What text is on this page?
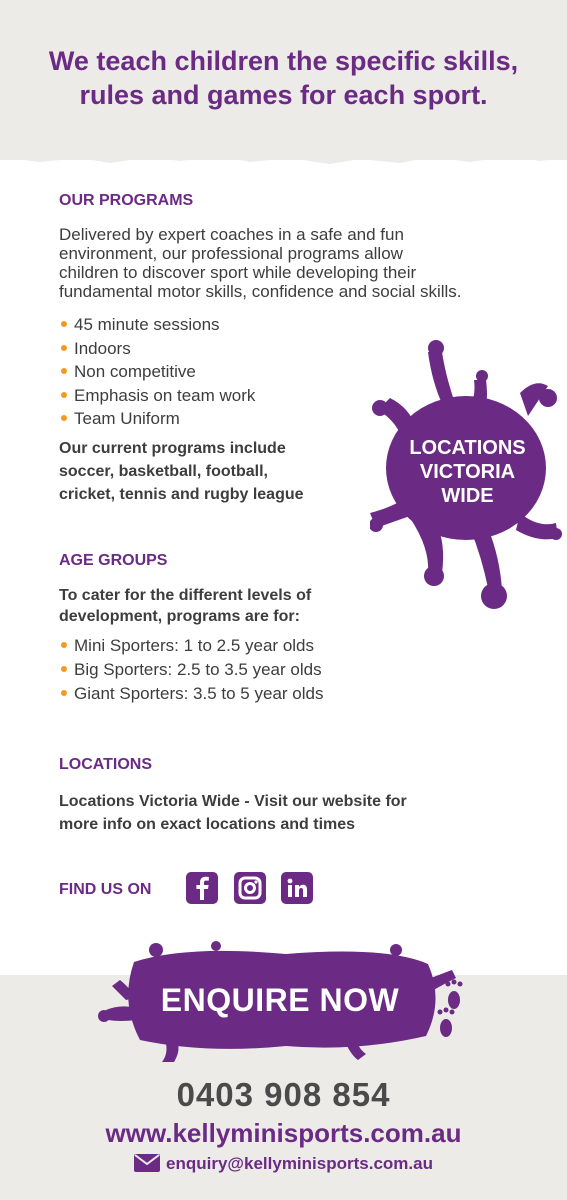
We teach children the specific skills,
rules and games for each sport.
OUR PROGRAMS

Delivered by expert coaches in a safe and fun
environment, our professional programs allow
children to discover sport while developing their
fundamental motor skills, confidence and social skills.

45 minute sessions
Indoors
Non competitive
Emphasis on team work
Team Uniform

Our current programs include
soccer, basketball, football,
cricket, tennis and rugby league

LOCATIONS
VICTORIA
WIDE
AGE GROUPS

To cater for the different levels of
development, programs are for:

Mini Sporters: 1 to 2.5 year olds
Big Sporters: 2.5 to 3.5 year olds
Giant Sporters: 3.5 to 5 year olds
LOCATIONS

Locations Victoria Wide - Visit our website for
more info on exact locations and times

FIND US ON
ENQUIRE NOW
0403 908 854
www.kellyminisports.com.au
enquiry@kellyminisports.com.au
